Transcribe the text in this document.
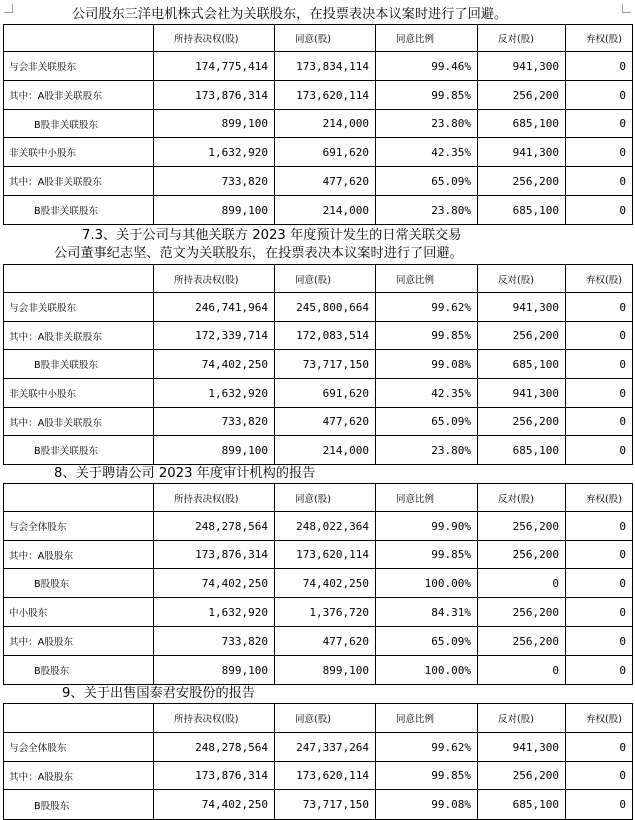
公司股东三洋电机株式会社为关联股东，在投票表决本议案时进行了回避。
	所持表决权(股)	同意(股)	同意比例	反对(股)	弃权(股)
与会非关联股东	174,775,414	173,834,114	99.46%	941,300	0
其中：A股非关联股东	173,876,314	173,620,114	99.85%	256,200	0
B股非关联股东	899,100	214,000	23.80%	685,100	0
非关联中小股东	1,632,920	691,620	42.35%	941,300	0
其中：A股非关联股东	733,820	477,620	65.09%	256,200	0
B股非关联股东	899,100	214,000	23.80%	685,100	0
7.3、关于公司与其他关联方 2023 年度预计发生的日常关联交易
公司董事纪志坚、范文为关联股东，在投票表决本议案时进行了回避。
	所持表决权(股)	同意(股)	同意比例	反对(股)	弃权(股)
与会非关联股东	246,741,964	245,800,664	99.62%	941,300	0
其中：A股非关联股东	172,339,714	172,083,514	99.85%	256,200	0
B股非关联股东	74,402,250	73,717,150	99.08%	685,100	0
非关联中小股东	1,632,920	691,620	42.35%	941,300	0
其中：A股非关联股东	733,820	477,620	65.09%	256,200	0
B股非关联股东	899,100	214,000	23.80%	685,100	0
8、关于聘请公司 2023 年度审计机构的报告
	所持表决权(股)	同意(股)	同意比例	反对(股)	弃权(股)
与会全体股东	248,278,564	248,022,364	99.90%	256,200	0
其中：A股股东	173,876,314	173,620,114	99.85%	256,200	0
B股股东	74,402,250	74,402,250	100.00%	0	0
中小股东	1,632,920	1,376,720	84.31%	256,200	0
其中：A股股东	733,820	477,620	65.09%	256,200	0
B股股东	899,100	899,100	100.00%	0	0
9、关于出售国泰君安股份的报告
	所持表决权(股)	同意(股)	同意比例	反对(股)	弃权(股)
与会全体股东	248,278,564	247,337,264	99.62%	941,300	0
其中：A股股东	173,876,314	173,620,114	99.85%	256,200	0
B股股东	74,402,250	73,717,150	99.08%	685,100	0
